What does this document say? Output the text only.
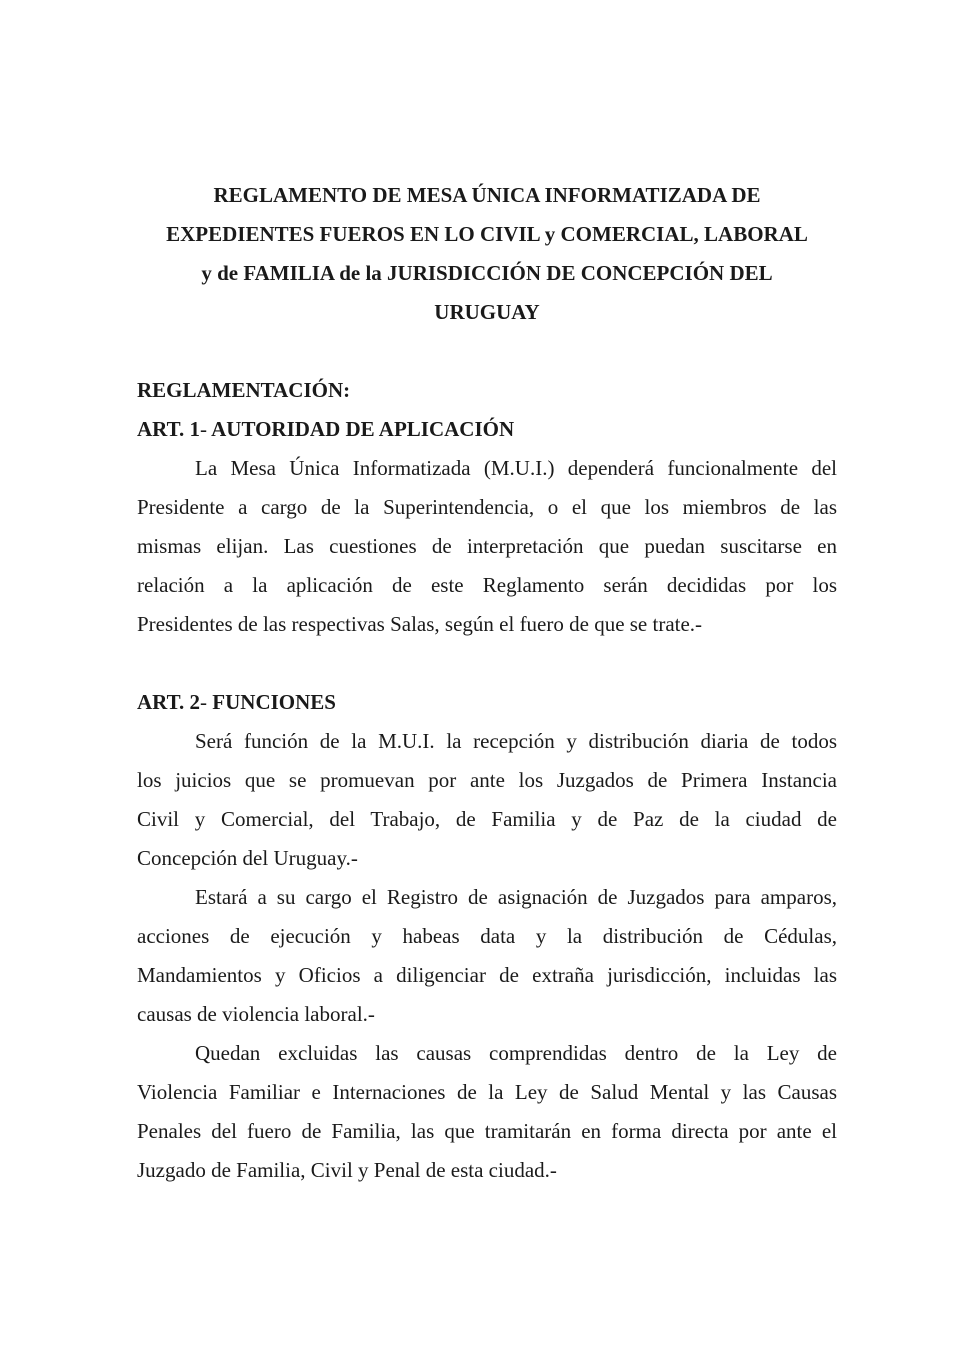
REGLAMENTO DE MESA ÚNICA INFORMATIZADA DE
EXPEDIENTES FUEROS EN LO CIVIL y COMERCIAL, LABORAL
y de FAMILIA de la JURISDICCIÓN DE CONCEPCIÓN DEL
URUGUAY

REGLAMENTACIÓN:

ART. 1- AUTORIDAD DE APLICACIÓN

La Mesa Única Informatizada (M.U.I.) dependerá funcionalmente del
Presidente a cargo de la Superintendencia, o el que los miembros de las
mismas elijan. Las cuestiones de interpretación que puedan suscitarse en
relación a la aplicación de este Reglamento serán decididas por los
Presidentes de las respectivas Salas, según el fuero de que se trate.-

ART. 2- FUNCIONES

Será función de la M.U.I. la recepción y distribución diaria de todos
los juicios que se promuevan por ante los Juzgados de Primera Instancia
Civil y Comercial, del Trabajo, de Familia y de Paz de la ciudad de
Concepción del Uruguay.-

Estará a su cargo el Registro de asignación de Juzgados para amparos,
acciones de ejecución y habeas data y la distribución de Cédulas,
Mandamientos y Oficios a diligenciar de extraña jurisdicción, incluidas las
causas de violencia laboral.-

Quedan excluidas las causas comprendidas dentro de la Ley de
Violencia Familiar e Internaciones de la Ley de Salud Mental y las Causas
Penales del fuero de Familia, las que tramitarán en forma directa por ante el
Juzgado de Familia, Civil y Penal de esta ciudad.-
